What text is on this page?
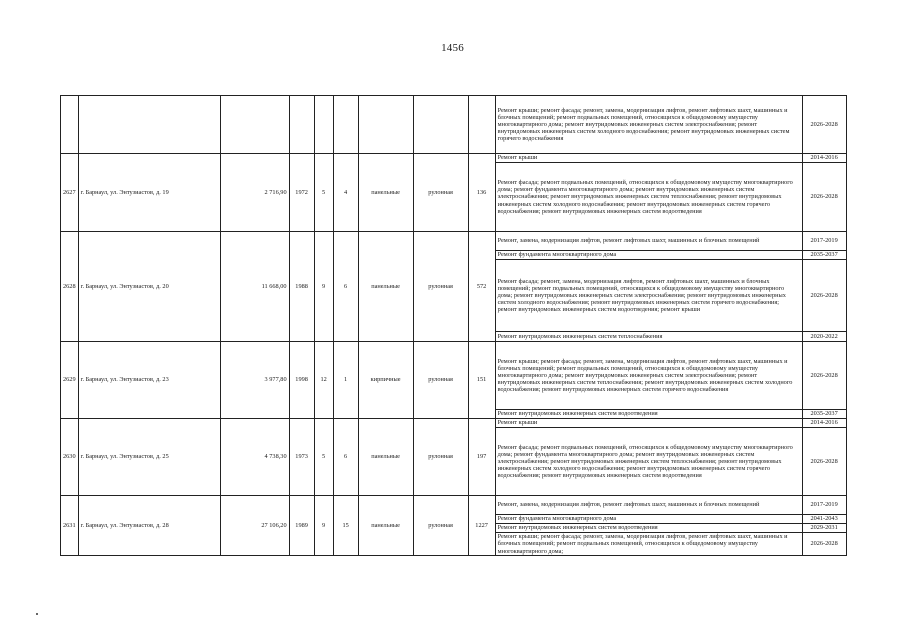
1456
									Ремонт крыши; ремонт фасада; ремонт, замена, модернизация лифтов, ремонт лифтовых шахт, машинных и блочных помещений; ремонт подвальных помещений, относящихся к общедомовому имуществу многоквартирного дома; ремонт внутридомовых инженерных систем электроснабжения; ремонт внутридомовых инженерных систем холодного водоснабжения; ремонт внутридомовых инженерных систем горячего водоснабжения	2026-2028
2627	г. Барнаул, ул. Энтузиастов, д. 19	2 716,90	1972	5	4	панельные	рулонная	136	Ремонт крыши	2014-2016
									Ремонт фасада; ремонт подвальных помещений, относящихся к общедомовому имуществу многоквартирного дома; ремонт фундамента многоквартирного дома; ремонт внутридомовых инженерных систем электроснабжения; ремонт внутридомовых инженерных систем теплоснабжения; ремонт внутридомовых инженерных систем холодного водоснабжения; ремонт внутридомовых инженерных систем горячего водоснабжения; ремонт внутридомовых инженерных систем водоотведения	2026-2028
2628	г. Барнаул, ул. Энтузиастов, д. 20	11 668,00	1988	9	6	панельные	рулонная	572	Ремонт, замена, модернизация лифтов, ремонт лифтовых шахт, машинных и блочных помещений	2017-2019
									Ремонт фундамента многоквартирного дома	2035-2037
									Ремонт фасада; ремонт, замена, модернизация лифтов, ремонт лифтовых шахт, машинных и блочных помещений; ремонт подвальных помещений, относящихся к общедомовому имуществу многоквартирного дома; ремонт внутридомовых инженерных систем электроснабжения; ремонт внутридомовых инженерных систем холодного водоснабжения; ремонт внутридомовых инженерных систем горячего водоснабжения; ремонт внутридомовых инженерных систем водоотведения; ремонт крыши	2026-2028
									Ремонт внутридомовых инженерных систем теплоснабжения	2020-2022
2629	г. Барнаул, ул. Энтузиастов, д. 23	3 977,80	1998	12	1	кирпичные	рулонная	151	Ремонт крыши; ремонт фасада; ремонт, замена, модернизация лифтов, ремонт лифтовых шахт, машинных и блочных помещений; ремонт подвальных помещений, относящихся к общедомовому имуществу многоквартирного дома; ремонт внутридомовых инженерных систем электроснабжения; ремонт внутридомовых инженерных систем теплоснабжения; ремонт внутридомовых инженерных систем холодного водоснабжения; ремонт внутридомовых инженерных систем горячего водоснабжения	2026-2028
									Ремонт внутридомовых инженерных систем водоотведения	2035-2037
2630	г. Барнаул, ул. Энтузиастов, д. 25	4 738,30	1973	5	6	панельные	рулонная	197	Ремонт крыши	2014-2016
									Ремонт фасада; ремонт подвальных помещений, относящихся к общедомовому имуществу многоквартирного дома; ремонт фундамента многоквартирного дома; ремонт внутридомовых инженерных систем электроснабжения; ремонт внутридомовых инженерных систем теплоснабжения; ремонт внутридомовых инженерных систем холодного водоснабжения; ремонт внутридомовых инженерных систем горячего водоснабжения; ремонт внутридомовых инженерных систем водоотведения	2026-2028
2631	г. Барнаул, ул. Энтузиастов, д. 28	27 106,20	1989	9	15	панельные	рулонная	1227	Ремонт, замена, модернизация лифтов, ремонт лифтовых шахт, машинных и блочных помещений	2017-2019
									Ремонт фундамента многоквартирного дома	2041-2043
									Ремонт внутридомовых инженерных систем водоотведения	2029-2031
									Ремонт крыши; ремонт фасада; ремонт, замена, модернизация лифтов, ремонт лифтовых шахт, машинных и блочных помещений; ремонт подвальных помещений, относящихся к общедомовому имуществу многоквартирного дома;	2026-2028
